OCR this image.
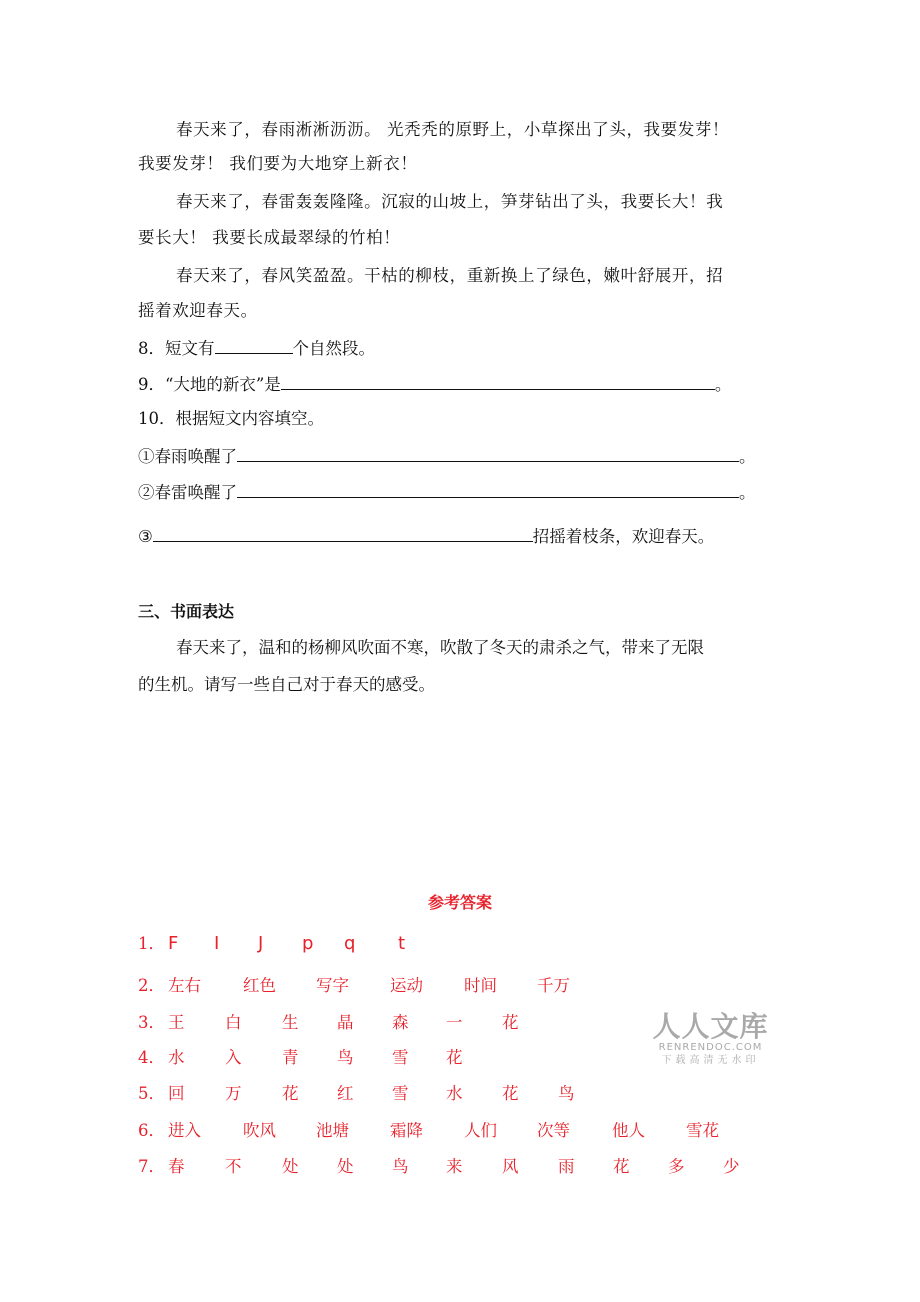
春天来了，春雨淅淅沥沥。 光秃秃的原野上，小草探出了头，我要发芽！
我要发芽！ 我们要为大地穿上新衣！
春天来了，春雷轰轰隆隆。沉寂的山坡上，笋芽钻出了头，我要长大！我
要长大！ 我要长成最翠绿的竹柏！
春天来了，春风笑盈盈。干枯的柳枝，重新换上了绿色，嫩叶舒展开，招
摇着欢迎春天。
8．短文有	个自然段。
9．“大地的新衣”是	。
10．根据短文内容填空。
①春雨唤醒了	。
②春雷唤醒了	。
③	招摇着枝条，欢迎春天。
三、书面表达
春天来了，温和的杨柳风吹面不寒，吹散了冬天的肃杀之气，带来了无限
的生机。请写一些自己对于春天的感受。
参考答案
1． F I J p q t
2． 左右	红色 写字 运动 时间 千万
3． 王 白 生 晶 森 一 花
4． 水 入 青 鸟 雪 花
5． 回 万 花 红 雪 水 花 鸟
6． 进入	吹风 池塘 霜降 人们 次等	他人 雪花
7． 春 不 处 处 鸟 来 风 雨 花 多 少
人人文库
RENRENDOC.COM
下载高清无水印
